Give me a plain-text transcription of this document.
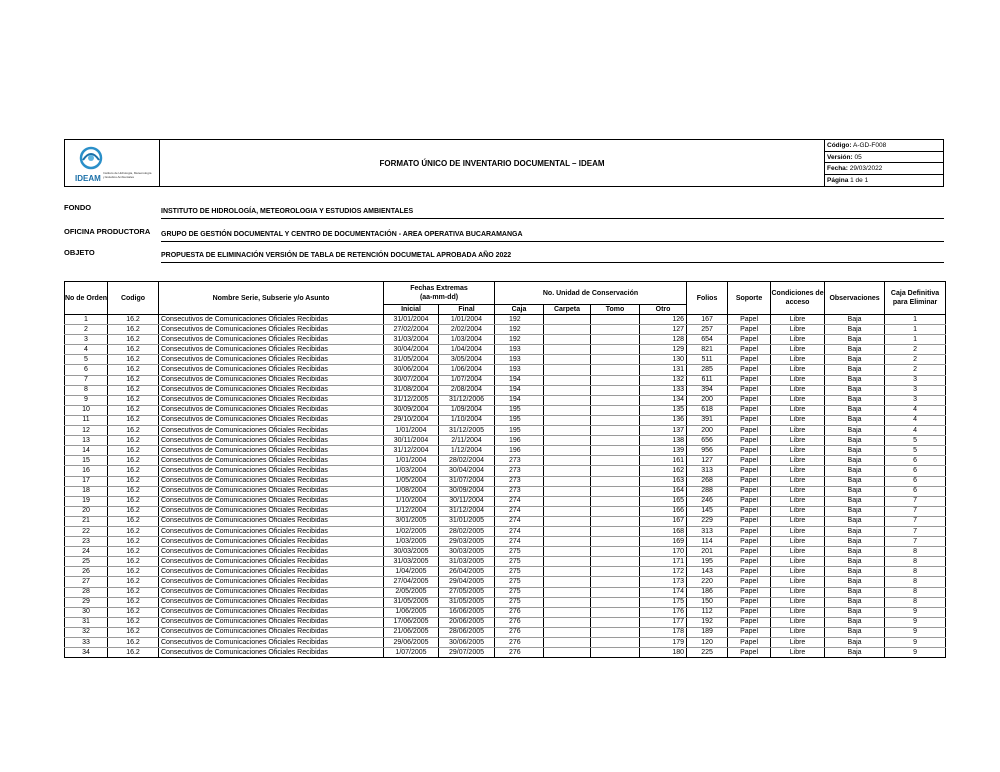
IDEAM
Instituto de Hidrología, Meteorología y Estudios Ambientales
FORMATO ÚNICO DE INVENTARIO DOCUMENTAL – IDEAM
Código: A-GD-F008
Versión: 05
Fecha: 29/03/2022
Página 1 de 1
FONDO	INSTITUTO DE HIDROLOGÍA, METEOROLOGIA Y ESTUDIOS AMBIENTALES
OFICINA PRODUCTORA GRUPO DE GESTIÓN DOCUMENTAL Y CENTRO DE DOCUMENTACIÓN - AREA OPERATIVA BUCARAMANGA
OBJETO	PROPUESTA DE ELIMINACIÓN VERSIÓN DE TABLA DE RETENCIÓN DOCUMETAL APROBADA AÑO 2022
No de Orden	Codigo	Nombre Serie, Subserie y/o Asunto	Fechas Extremas
(aa-mm-dd)		No. Unidad de Conservación				Folios	Soporte	Condiciones de acceso	Observaciones	Caja Definitiva para Eliminar
			Inicial	Final	Caja	Carpeta	Tomo	Otro					
1	16.2	Consecutivos de Comunicaciones Oficiales Recibidas	31/01/2004	1/01/2004	192			126	167	Papel	Libre	Baja	1
2	16.2	Consecutivos de Comunicaciones Oficiales Recibidas	27/02/2004	2/02/2004	192			127	257	Papel	Libre	Baja	1
3	16.2	Consecutivos de Comunicaciones Oficiales Recibidas	31/03/2004	1/03/2004	192			128	654	Papel	Libre	Baja	1
4	16.2	Consecutivos de Comunicaciones Oficiales Recibidas	30/04/2004	1/04/2004	193			129	821	Papel	Libre	Baja	2
5	16.2	Consecutivos de Comunicaciones Oficiales Recibidas	31/05/2004	3/05/2004	193			130	511	Papel	Libre	Baja	2
6	16.2	Consecutivos de Comunicaciones Oficiales Recibidas	30/06/2004	1/06/2004	193			131	285	Papel	Libre	Baja	2
7	16.2	Consecutivos de Comunicaciones Oficiales Recibidas	30/07/2004	1/07/2004	194			132	611	Papel	Libre	Baja	3
8	16.2	Consecutivos de Comunicaciones Oficiales Recibidas	31/08/2004	2/08/2004	194			133	394	Papel	Libre	Baja	3
9	16.2	Consecutivos de Comunicaciones Oficiales Recibidas	31/12/2005	31/12/2006	194			134	200	Papel	Libre	Baja	3
10	16.2	Consecutivos de Comunicaciones Oficiales Recibidas	30/09/2004	1/09/2004	195			135	618	Papel	Libre	Baja	4
11	16.2	Consecutivos de Comunicaciones Oficiales Recibidas	29/10/2004	1/10/2004	195			136	391	Papel	Libre	Baja	4
12	16.2	Consecutivos de Comunicaciones Oficiales Recibidas	1/01/2004	31/12/2005	195			137	200	Papel	Libre	Baja	4
13	16.2	Consecutivos de Comunicaciones Oficiales Recibidas	30/11/2004	2/11/2004	196			138	656	Papel	Libre	Baja	5
14	16.2	Consecutivos de Comunicaciones Oficiales Recibidas	31/12/2004	1/12/2004	196			139	956	Papel	Libre	Baja	5
15	16.2	Consecutivos de Comunicaciones Oficiales Recibidas	1/01/2004	28/02/2004	273			161	127	Papel	Libre	Baja	6
16	16.2	Consecutivos de Comunicaciones Oficiales Recibidas	1/03/2004	30/04/2004	273			162	313	Papel	Libre	Baja	6
17	16.2	Consecutivos de Comunicaciones Oficiales Recibidas	1/05/2004	31/07/2004	273			163	268	Papel	Libre	Baja	6
18	16.2	Consecutivos de Comunicaciones Oficiales Recibidas	1/08/2004	30/09/2004	273			164	288	Papel	Libre	Baja	6
19	16.2	Consecutivos de Comunicaciones Oficiales Recibidas	1/10/2004	30/11/2004	274			165	246	Papel	Libre	Baja	7
20	16.2	Consecutivos de Comunicaciones Oficiales Recibidas	1/12/2004	31/12/2004	274			166	145	Papel	Libre	Baja	7
21	16.2	Consecutivos de Comunicaciones Oficiales Recibidas	3/01/2005	31/01/2005	274			167	229	Papel	Libre	Baja	7
22	16.2	Consecutivos de Comunicaciones Oficiales Recibidas	1/02/2005	28/02/2005	274			168	313	Papel	Libre	Baja	7
23	16.2	Consecutivos de Comunicaciones Oficiales Recibidas	1/03/2005	29/03/2005	274			169	114	Papel	Libre	Baja	7
24	16.2	Consecutivos de Comunicaciones Oficiales Recibidas	30/03/2005	30/03/2005	275			170	201	Papel	Libre	Baja	8
25	16.2	Consecutivos de Comunicaciones Oficiales Recibidas	31/03/2005	31/03/2005	275			171	195	Papel	Libre	Baja	8
26	16.2	Consecutivos de Comunicaciones Oficiales Recibidas	1/04/2005	26/04/2005	275			172	143	Papel	Libre	Baja	8
27	16.2	Consecutivos de Comunicaciones Oficiales Recibidas	27/04/2005	29/04/2005	275			173	220	Papel	Libre	Baja	8
28	16.2	Consecutivos de Comunicaciones Oficiales Recibidas	2/05/2005	27/05/2005	275			174	186	Papel	Libre	Baja	8
29	16.2	Consecutivos de Comunicaciones Oficiales Recibidas	31/05/2005	31/05/2005	275			175	150	Papel	Libre	Baja	8
30	16.2	Consecutivos de Comunicaciones Oficiales Recibidas	1/06/2005	16/06/2005	276			176	112	Papel	Libre	Baja	9
31	16.2	Consecutivos de Comunicaciones Oficiales Recibidas	17/06/2005	20/06/2005	276			177	192	Papel	Libre	Baja	9
32	16.2	Consecutivos de Comunicaciones Oficiales Recibidas	21/06/2005	28/06/2005	276			178	189	Papel	Libre	Baja	9
33	16.2	Consecutivos de Comunicaciones Oficiales Recibidas	29/06/2005	30/06/2005	276			179	120	Papel	Libre	Baja	9
34	16.2	Consecutivos de Comunicaciones Oficiales Recibidas	1/07/2005	29/07/2005	276			180	225	Papel	Libre	Baja	9
